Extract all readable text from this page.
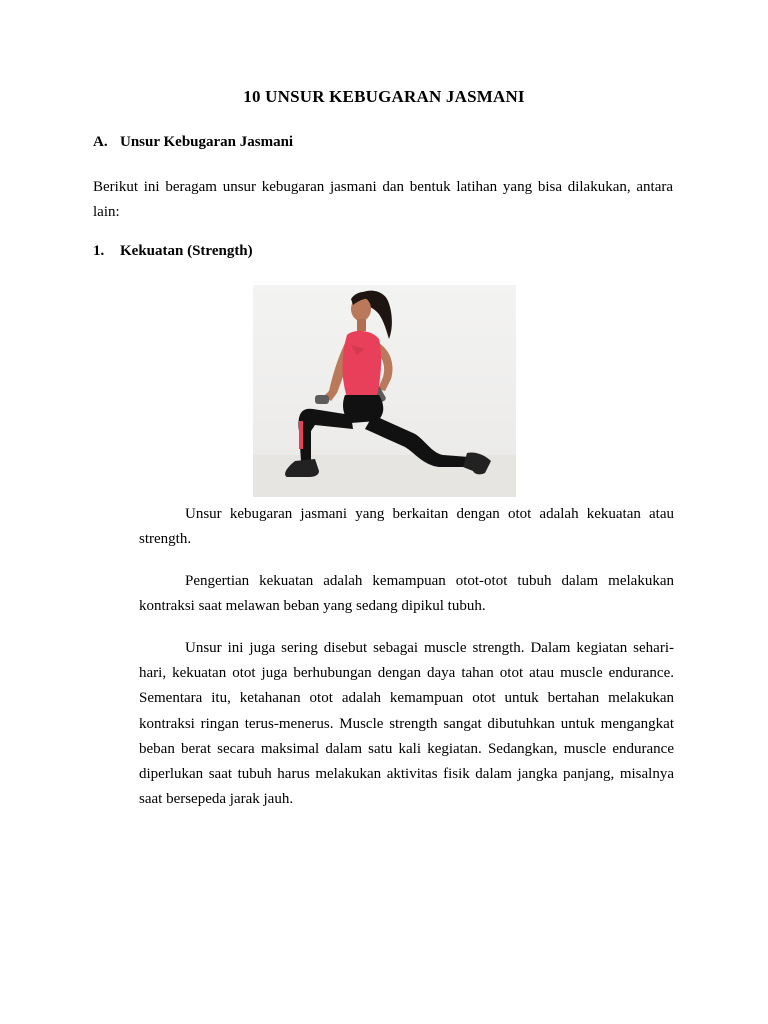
10 UNSUR KEBUGARAN JASMANI
A. Unsur Kebugaran Jasmani
Berikut ini beragam unsur kebugaran jasmani dan bentuk latihan yang bisa dilakukan, antara lain:
1. Kekuatan (Strength)
Unsur kebugaran jasmani yang berkaitan dengan otot adalah kekuatan atau strength.
Pengertian kekuatan adalah kemampuan otot-otot tubuh dalam melakukan kontraksi saat melawan beban yang sedang dipikul tubuh.
Unsur ini juga sering disebut sebagai muscle strength. Dalam kegiatan sehari-hari, kekuatan otot juga berhubungan dengan daya tahan otot atau muscle endurance. Sementara itu, ketahanan otot adalah kemampuan otot untuk bertahan melakukan kontraksi ringan terus-menerus. Muscle strength sangat dibutuhkan untuk mengangkat beban berat secara maksimal dalam satu kali kegiatan. Sedangkan, muscle endurance diperlukan saat tubuh harus melakukan aktivitas fisik dalam jangka panjang, misalnya saat bersepeda jarak jauh.
